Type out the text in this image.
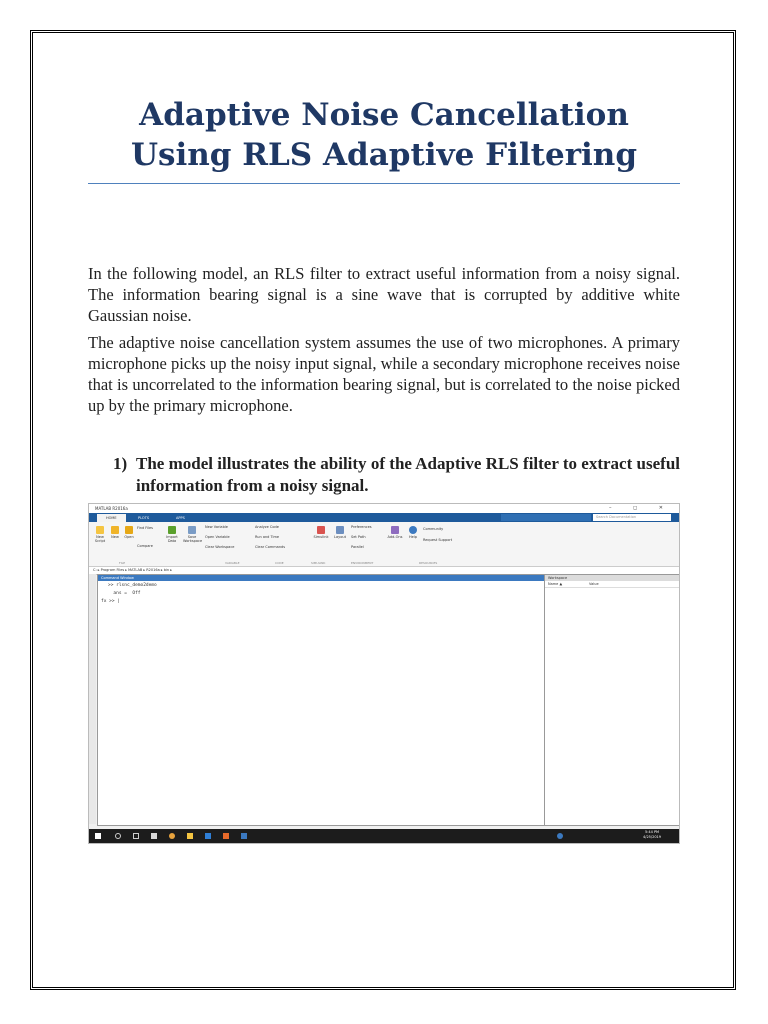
Adaptive Noise Cancellation Using RLS Adaptive Filtering

In the following model, an RLS filter to extract useful information from a noisy signal. The information bearing signal is a sine wave that is corrupted by additive white Gaussian noise.

The adaptive noise cancellation system assumes the use of two microphones. A primary microphone picks up the noisy input signal, while a secondary microphone receives noise that is uncorrelated to the information bearing signal, but is correlated to the noise picked up by the primary microphone.

1) The model illustrates the ability of the Adaptive RLS filter to extract useful information from a noisy signal.
MATLAB R2016a	– ◻ ✕
HOME	PLOTS	APPS	Search Documentation
New Script
New	Open
Find Files
Compare
Import Data
Save Workspace
New Variable
Open Variable
Clear Workspace
Analyze Code
Run and Time
Clear Commands
Simulink Layout
Preferences
Set Path
Parallel
Add-Ons	Help
Community
Request Support
FILE	VARIABLE	CODE	SIMULINK	ENVIRONMENT	RESOURCES
C: ▸ Program Files ▸ MATLAB ▸ R2016a ▸ bin ▸
Command Window
>> rlsnc_demo2demo
ans =  Off
fx >> |
Workspace
Name ▲	Value
5:44 PM
4/25/2019
